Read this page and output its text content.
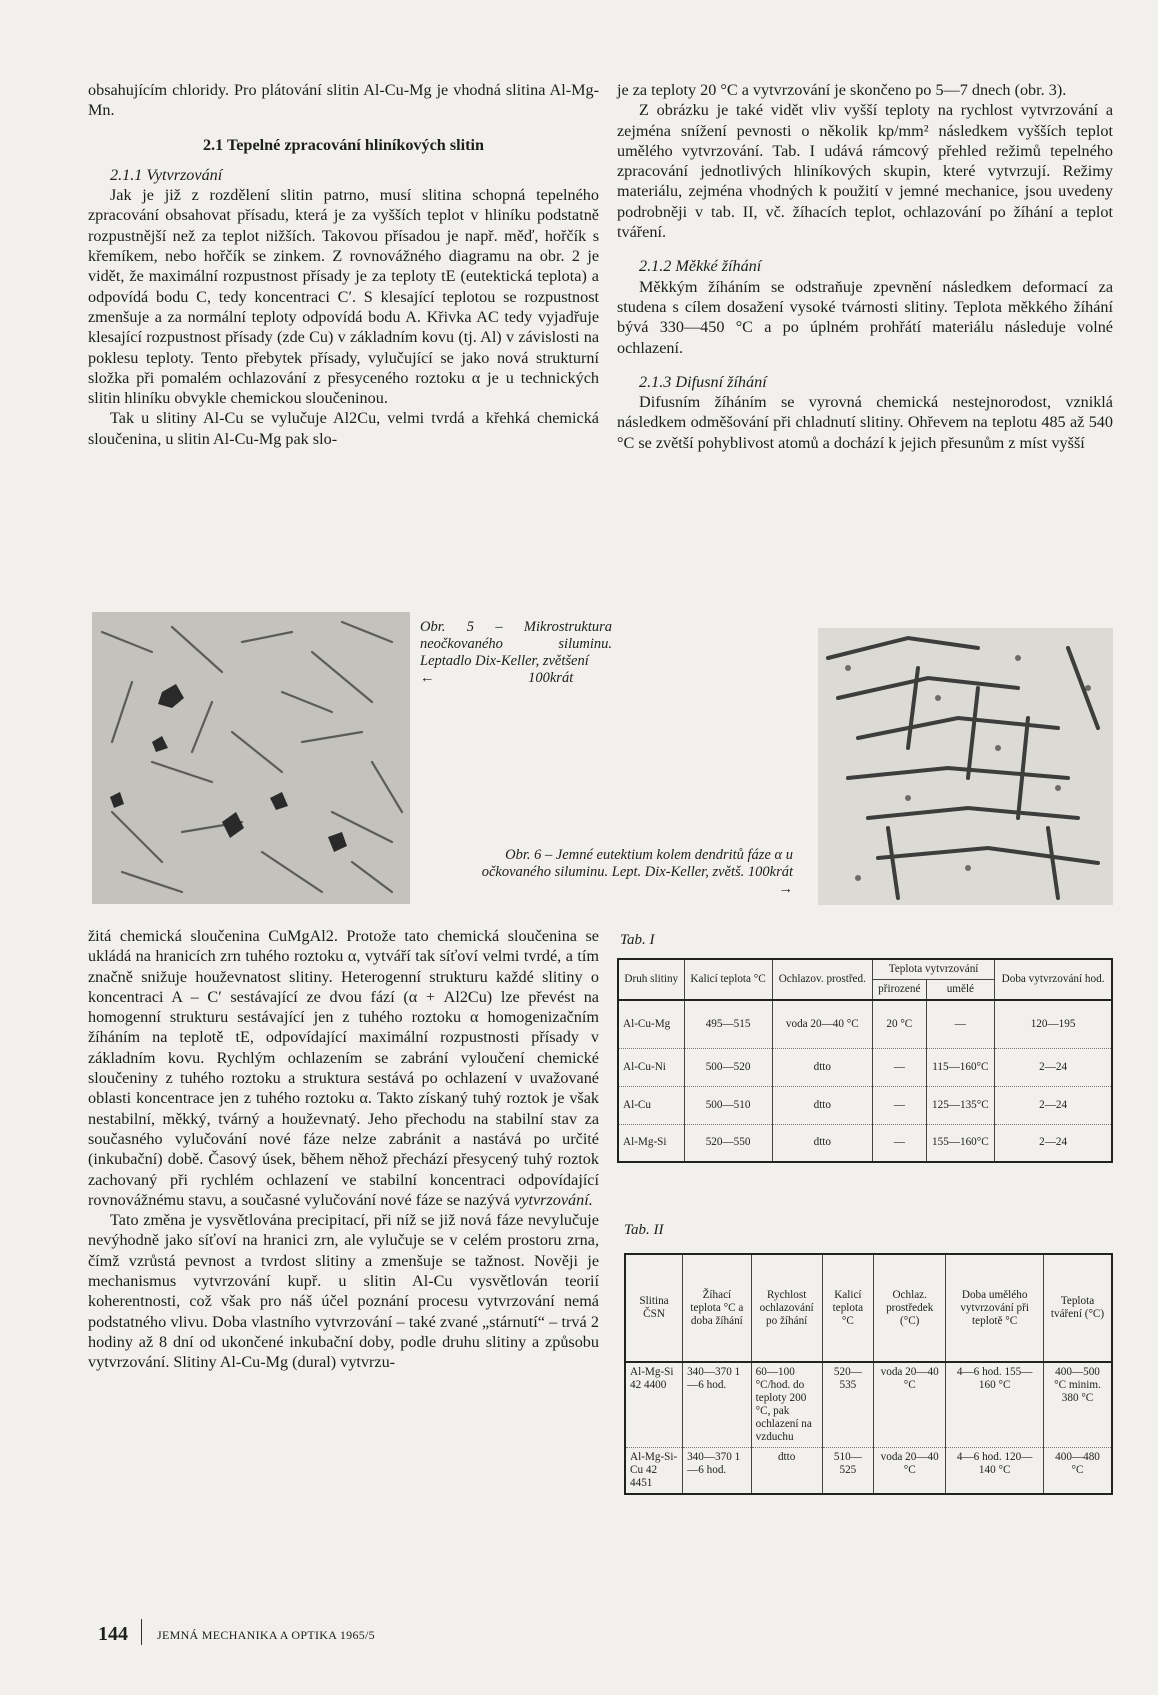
obsahujícím chloridy. Pro plátování slitin Al-Cu-Mg je vhodná slitina Al-Mg-Mn.

2.1 Tepelné zpracování hliníkových slitin

2.1.1 Vytvrzování

Jak je již z rozdělení slitin patrno, musí slitina schopná tepelného zpracování obsahovat přísadu, která je za vyšších teplot v hliníku podstatně rozpustnější než za teplot nižších. Takovou přísadou je např. měď, hořčík s křemíkem, nebo hořčík se zinkem. Z rovnovážného diagramu na obr. 2 je vidět, že maximální rozpustnost přísady je za teploty tE (eutektická teplota) a odpovídá bodu C, tedy koncentraci C′. S klesající teplotou se rozpustnost zmenšuje a za normální teploty odpovídá bodu A. Křivka AC tedy vyjadřuje klesající rozpustnost přísady (zde Cu) v základním kovu (tj. Al) v závislosti na poklesu teploty. Tento přebytek přísady, vylučující se jako nová strukturní složka při pomalém ochlazování z přesyceného roztoku α je u technických slitin hliníku obvykle chemickou sloučeninou.

Tak u slitiny Al-Cu se vylučuje Al2Cu, velmi tvrdá a křehká chemická sloučenina, u slitin Al-Cu-Mg pak slo-

je za teploty 20 °C a vytvrzování je skončeno po 5—7 dnech (obr. 3).

Z obrázku je také vidět vliv vyšší teploty na rychlost vytvrzování a zejména snížení pevnosti o několik kp/mm² následkem vyšších teplot umělého vytvrzování. Tab. I udává rámcový přehled režimů tepelného zpracování jednotlivých hliníkových skupin, které vytvrzují. Režimy materiálu, zejména vhodných k použití v jemné mechanice, jsou uvedeny podrobněji v tab. II, vč. žíhacích teplot, ochlazování po žíhání a teplot tváření.

2.1.2 Měkké žíhání

Měkkým žíháním se odstraňuje zpevnění následkem deformací za studena s cílem dosažení vysoké tvárnosti slitiny. Teplota měkkého žíhání bývá 330—450 °C a po úplném prohřátí materiálu následuje volné ochlazení.

2.1.3 Difusní žíhání

Difusním žíháním se vyrovná chemická nestejnorodost, vzniklá následkem odměšování při chladnutí slitiny. Ohřevem na teplotu 485 až 540 °C se zvětší pohyblivost atomů a dochází k jejich přesunům z míst vyšší

Obr. 5 – Mikrostruktura neočkovaného siluminu. Leptadlo Dix-Keller, zvětšení
←	100krát
Obr. 6 – Jemné eutektium kolem dendritů fáze α u očkovaného siluminu. Lept. Dix-Keller, zvětš. 100krát →

žitá chemická sloučenina CuMgAl2. Protože tato chemická sloučenina se ukládá na hranicích zrn tuhého roztoku α, vytváří tak síťoví velmi tvrdé, a tím značně snižuje houževnatost slitiny. Heterogenní strukturu každé slitiny o koncentraci A – C′ sestávající ze dvou fází (α + Al2Cu) lze převést na homogenní strukturu sestávající jen z tuhého roztoku α homogenizačním žíháním na teplotě tE, odpovídající maximální rozpustnosti přísady v základním kovu. Rychlým ochlazením se zabrání vyloučení chemické sloučeniny z tuhého roztoku a struktura sestává po ochlazení v uvažované oblasti koncentrace jen z tuhého roztoku α. Takto získaný tuhý roztok je však nestabilní, měkký, tvárný a houževnatý. Jeho přechodu na stabilní stav za současného vylučování nové fáze nelze zabránit a nastává po určité (inkubační) době. Časový úsek, během něhož přechází přesycený tuhý roztok zachovaný při rychlém ochlazení ve stabilní koncentraci odpovídající rovnovážnému stavu, a současné vylučování nové fáze se nazývá vytvrzování.

Tato změna je vysvětlována precipitací, při níž se již nová fáze nevylučuje nevýhodně jako síťoví na hranici zrn, ale vylučuje se v celém prostoru zrna, čímž vzrůstá pevnost a tvrdost slitiny a zmenšuje se tažnost. Nověji je mechanismus vytvrzování kupř. u slitin Al-Cu vysvětlován teorií koherentnosti, což však pro náš účel poznání procesu vytvrzování nemá podstatného vlivu. Doba vlastního vytvrzování – také zvané „stárnutí“ – trvá 2 hodiny až 8 dní od ukončené inkubační doby, podle druhu slitiny a způsobu vytvrzování. Slitiny Al-Cu-Mg (dural) vytvrzu-

Tab. I
Druh slitiny	Kalicí teplota °C	Ochlazov. prostřed.	Teplota vytvrzování		Doba vytvrzování hod.
			přirozené	umělé	
Al-Cu-Mg	495—515	voda 20—40 °C	20 °C	—	120—195
Al-Cu-Ni	500—520	dtto	—	115—160°C	2—24
Al-Cu	500—510	dtto	—	125—135°C	2—24
Al-Mg-Si	520—550	dtto	—	155—160°C	2—24
Tab. II
Slitina ČSN	Žíhací teplota °C a doba žíhání	Rychlost ochlazování po žíhání	Kalicí teplota °C	Ochlaz. prostředek (°C)	Doba umělého vytvrzování při teplotě °C	Teplota tváření (°C)
Al-Mg-Si 42 4400	340—370 1—6 hod.	60—100 °C/hod. do teploty 200 °C, pak ochlazení na vzduchu	520—535	voda 20—40 °C	4—6 hod. 155—160 °C	400—500 °C minim. 380 °C
Al-Mg-Si-Cu 42 4451	340—370 1—6 hod.	dtto	510—525	voda 20—40 °C	4—6 hod. 120—140 °C	400—480 °C
144 JEMNÁ MECHANIKA A OPTIKA 1965/5
